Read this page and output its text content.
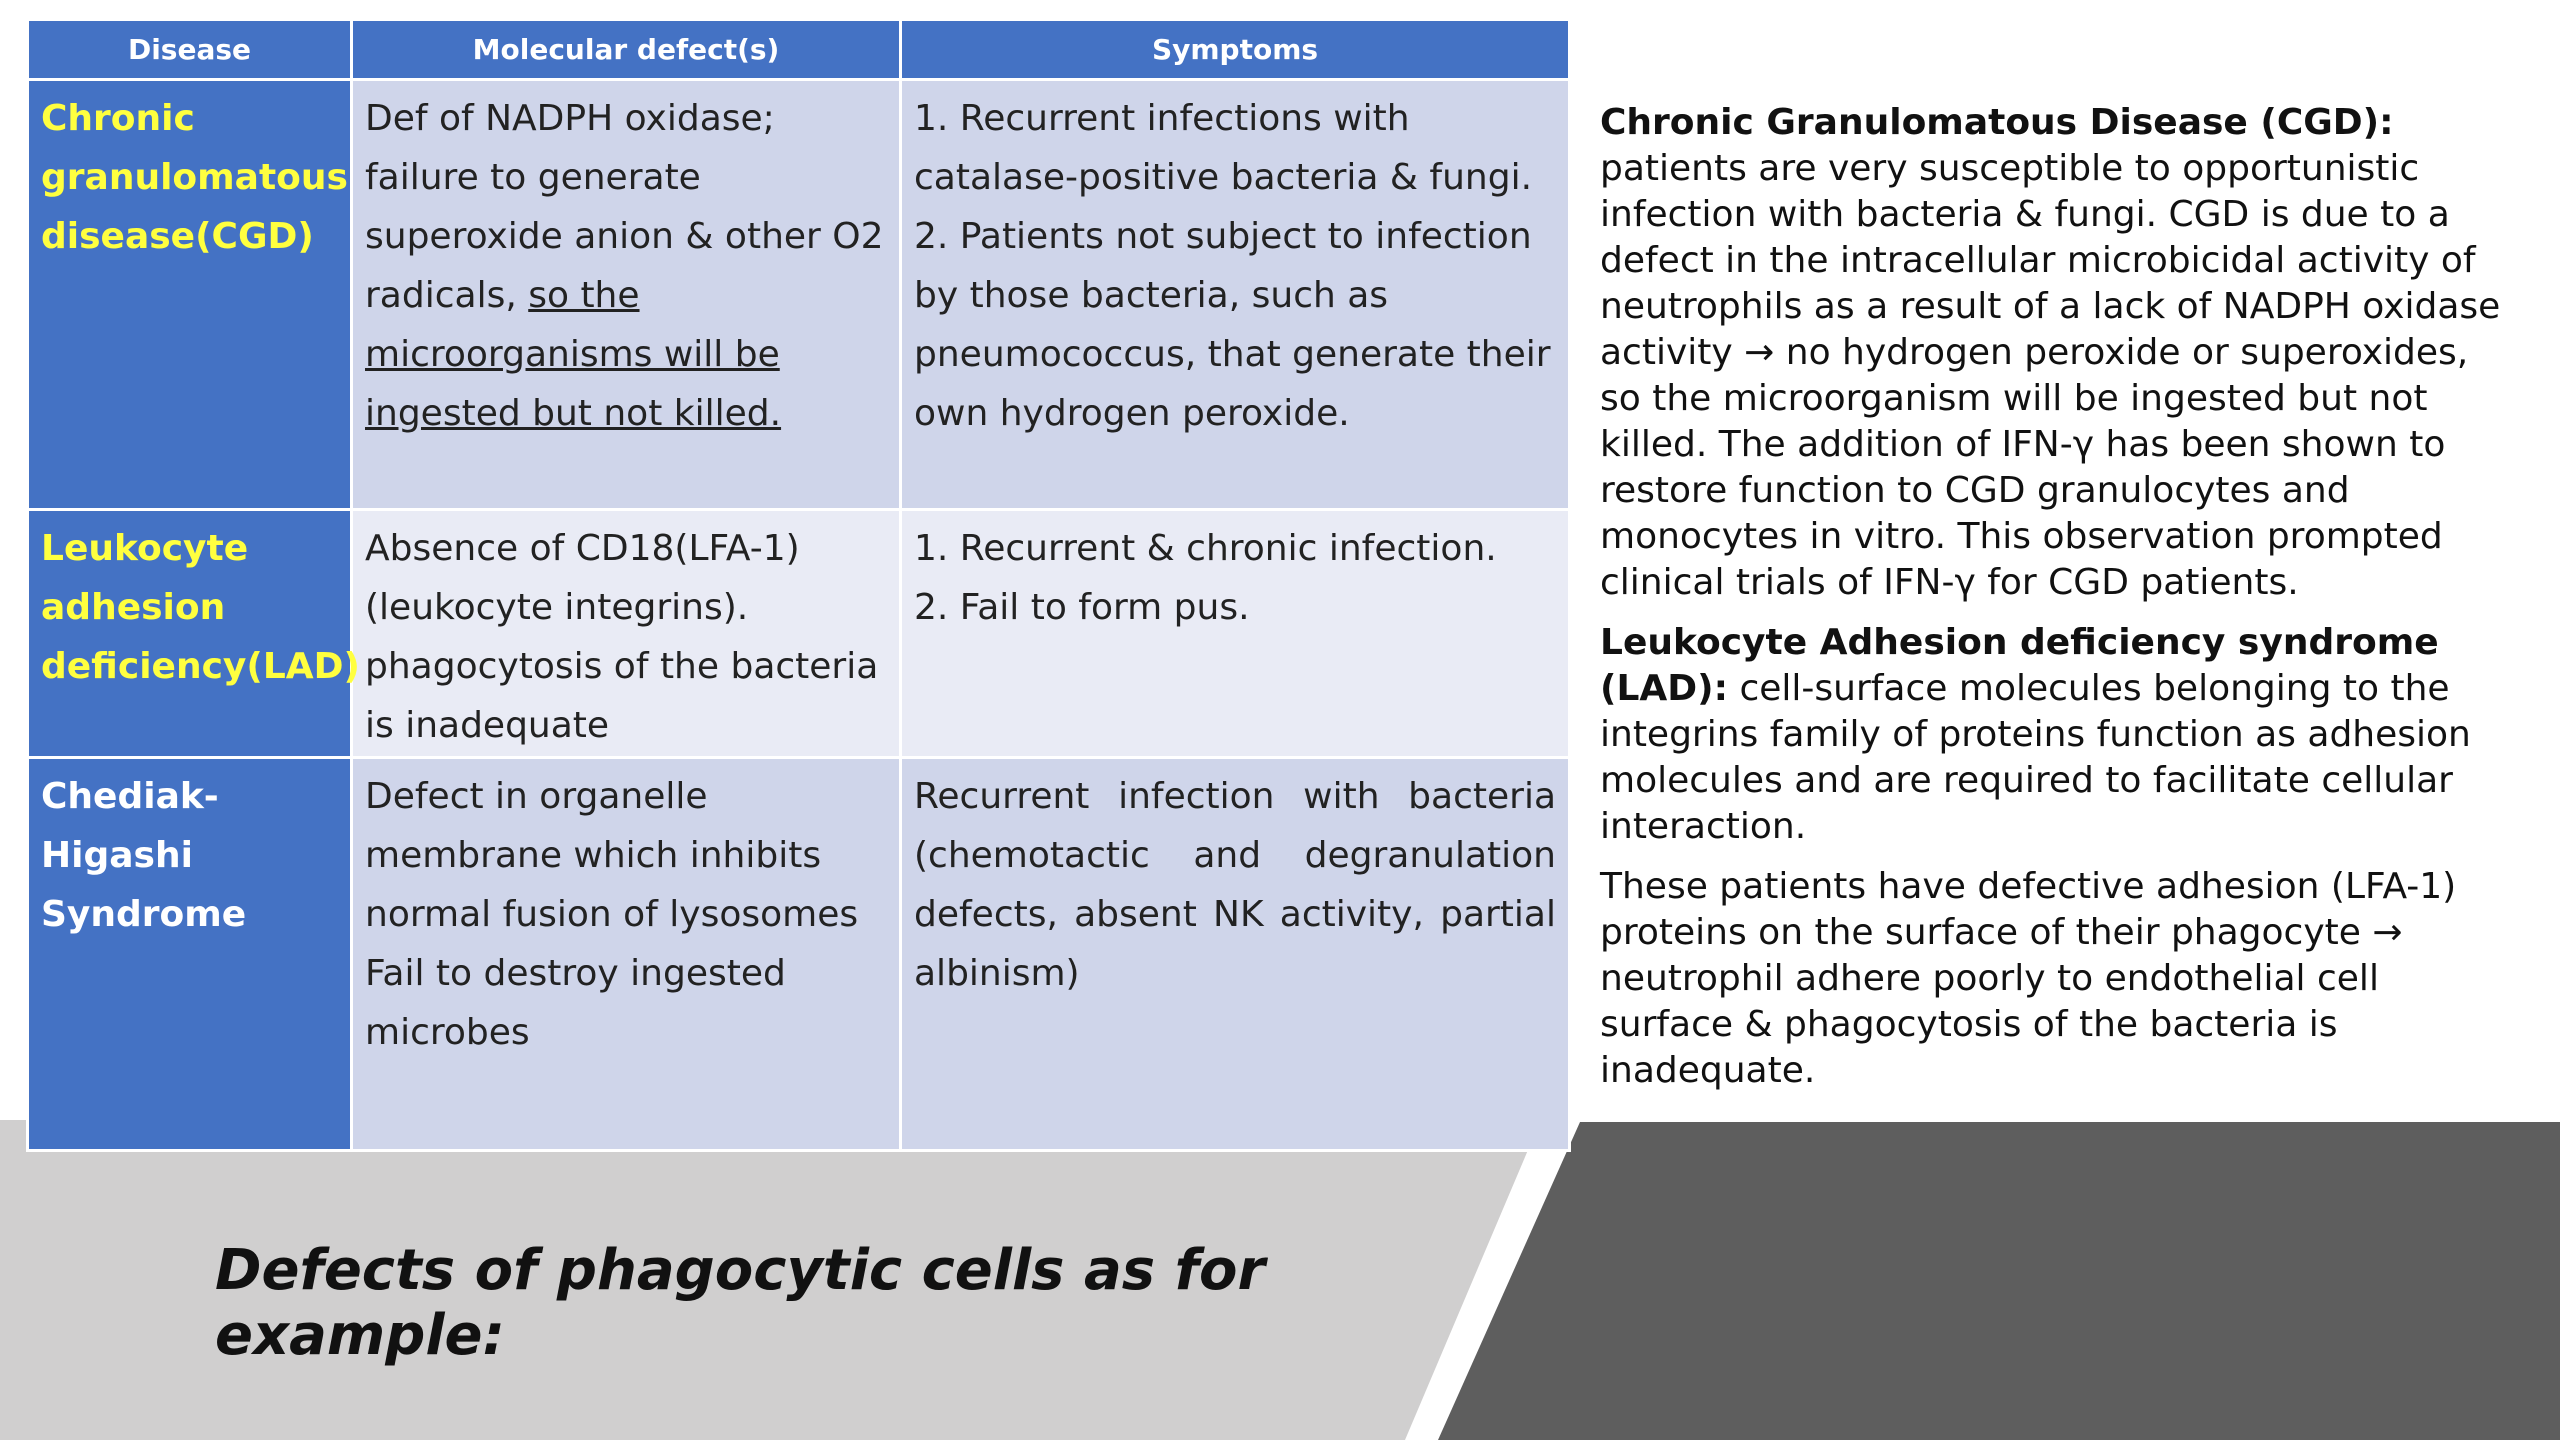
Defects of phagocytic cells as for example:
Disease	Molecular defect(s)	Symptoms
Chronic granulomatous disease(CGD)	Def of NADPH oxidase; failure to generate superoxide anion & other O2 radicals, so the microorganisms will be ingested but not killed.	1. Recurrent infections with catalase-positive bacteria & fungi.
2. Patients not subject to infection by those bacteria, such as pneumococcus, that generate their own hydrogen peroxide.

Leukocyte adhesion deficiency(LAD)	Absence of CD18(LFA-1) (leukocyte integrins). phagocytosis of the bacteria is inadequate	1. Recurrent & chronic infection.
2. Fail to form pus.

Chediak- Higashi Syndrome	Defect in organelle membrane which inhibits normal fusion of lysosomes Fail to destroy ingested microbes	Recurrent infection with bacteria (chemotactic and degranulation defects, absent NK activity, partial albinism)

Chronic Granulomatous Disease (CGD): patients are very susceptible to opportunistic infection with bacteria & fungi. CGD is due to a defect in the intracellular microbicidal activity of neutrophils as a result of a lack of NADPH oxidase activity → no hydrogen peroxide or superoxides, so the microorganism will be ingested but not killed. The addition of IFN-γ has been shown to restore function to CGD granulocytes and monocytes in vitro. This observation prompted clinical trials of IFN-γ for CGD patients.

Leukocyte Adhesion deficiency syndrome (LAD): cell-surface molecules belonging to the integrins family of proteins function as adhesion molecules and are required to facilitate cellular interaction.

These patients have defective adhesion (LFA-1) proteins on the surface of their phagocyte → neutrophil adhere poorly to endothelial cell surface & phagocytosis of the bacteria is inadequate.
